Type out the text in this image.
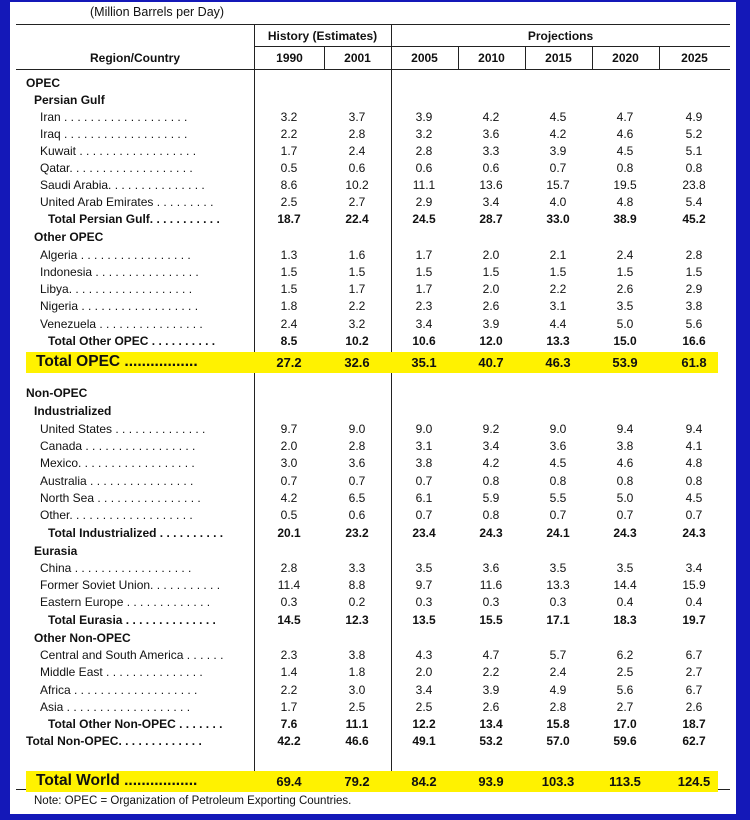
(Million Barrels per Day)
Region/Country
History (Estimates)	Projections
1990	2001	2005	2010	2015	2020	2025
OPEC
Persian Gulf
Iran . . . . . . . . . . . . . . . . . . .	3.2	3.7	3.9	4.2	4.5	4.7	4.9
Iraq . . . . . . . . . . . . . . . . . . .	2.2	2.8	3.2	3.6	4.2	4.6	5.2
Kuwait . . . . . . . . . . . . . . . . . .	1.7	2.4	2.8	3.3	3.9	4.5	5.1
Qatar. . . . . . . . . . . . . . . . . . .	0.5	0.6	0.6	0.6	0.7	0.8	0.8
Saudi Arabia. . . . . . . . . . . . . . .	8.6	10.2	11.1	13.6	15.7	19.5	23.8
United Arab Emirates . . . . . . . . .	2.5	2.7	2.9	3.4	4.0	4.8	5.4
Total Persian Gulf. . . . . . . . . . .	18.7	22.4	24.5	28.7	33.0	38.9	45.2
Other OPEC
Algeria . . . . . . . . . . . . . . . . .	1.3	1.6	1.7	2.0	2.1	2.4	2.8
Indonesia . . . . . . . . . . . . . . . .	1.5	1.5	1.5	1.5	1.5	1.5	1.5
Libya. . . . . . . . . . . . . . . . . . .	1.5	1.7	1.7	2.0	2.2	2.6	2.9
Nigeria . . . . . . . . . . . . . . . . . .	1.8	2.2	2.3	2.6	3.1	3.5	3.8
Venezuela . . . . . . . . . . . . . . . .	2.4	3.2	3.4	3.9	4.4	5.0	5.6
Total Other OPEC . . . . . . . . . .	8.5	10.2	10.6	12.0	13.3	15.0	16.6
Total OPEC .................	27.2	32.6	35.1	40.7	46.3	53.9	61.8
Non-OPEC
Industrialized
United States . . . . . . . . . . . . . .	9.7	9.0	9.0	9.2	9.0	9.4	9.4
Canada . . . . . . . . . . . . . . . . .	2.0	2.8	3.1	3.4	3.6	3.8	4.1
Mexico. . . . . . . . . . . . . . . . . .	3.0	3.6	3.8	4.2	4.5	4.6	4.8
Australia . . . . . . . . . . . . . . . .	0.7	0.7	0.7	0.8	0.8	0.8	0.8
North Sea . . . . . . . . . . . . . . . .	4.2	6.5	6.1	5.9	5.5	5.0	4.5
Other. . . . . . . . . . . . . . . . . . .	0.5	0.6	0.7	0.8	0.7	0.7	0.7
Total Industrialized . . . . . . . . . .	20.1	23.2	23.4	24.3	24.1	24.3	24.3
Eurasia
China . . . . . . . . . . . . . . . . . .	2.8	3.3	3.5	3.6	3.5	3.5	3.4
Former Soviet Union. . . . . . . . . . .	11.4	8.8	9.7	11.6	13.3	14.4	15.9
Eastern Europe . . . . . . . . . . . . .	0.3	0.2	0.3	0.3	0.3	0.4	0.4
Total Eurasia . . . . . . . . . . . . . .	14.5	12.3	13.5	15.5	17.1	18.3	19.7
Other Non-OPEC
Central and South America . . . . . .	2.3	3.8	4.3	4.7	5.7	6.2	6.7
Middle East . . . . . . . . . . . . . . .	1.4	1.8	2.0	2.2	2.4	2.5	2.7
Africa . . . . . . . . . . . . . . . . . . .	2.2	3.0	3.4	3.9	4.9	5.6	6.7
Asia . . . . . . . . . . . . . . . . . . .	1.7	2.5	2.5	2.6	2.8	2.7	2.6
Total Other Non-OPEC . . . . . . .	7.6	11.1	12.2	13.4	15.8	17.0	18.7
Total Non-OPEC. . . . . . . . . . . . .	42.2	46.6	49.1	53.2	57.0	59.6	62.7
Total World .................	69.4	79.2	84.2	93.9	103.3	113.5	124.5
Note: OPEC = Organization of Petroleum Exporting Countries.
